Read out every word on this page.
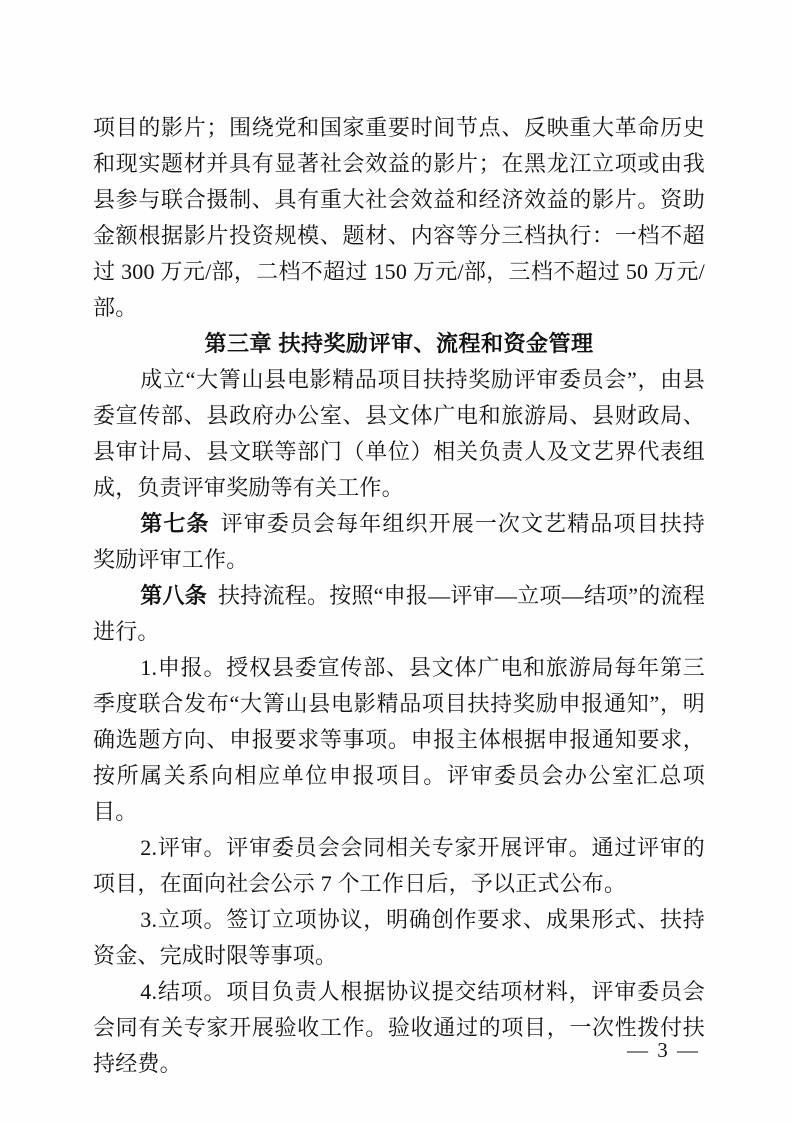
项目的影片；围绕党和国家重要时间节点、反映重大革命历史和现实题材并具有显著社会效益的影片；在黑龙江立项或由我县参与联合摄制、具有重大社会效益和经济效益的影片。资助金额根据影片投资规模、题材、内容等分三档执行：一档不超过 300 万元/部，二档不超过 150 万元/部，三档不超过 50 万元/部。

第三章 扶持奖励评审、流程和资金管理

成立“大箐山县电影精品项目扶持奖励评审委员会”，由县委宣传部、县政府办公室、县文体广电和旅游局、县财政局、县审计局、县文联等部门（单位）相关负责人及文艺界代表组成，负责评审奖励等有关工作。

第七条 评审委员会每年组织开展一次文艺精品项目扶持奖励评审工作。

第八条 扶持流程。按照“申报—评审—立项—结项”的流程进行。

1.申报。授权县委宣传部、县文体广电和旅游局每年第三季度联合发布“大箐山县电影精品项目扶持奖励申报通知”，明确选题方向、申报要求等事项。申报主体根据申报通知要求，按所属关系向相应单位申报项目。评审委员会办公室汇总项目。

2.评审。评审委员会会同相关专家开展评审。通过评审的项目，在面向社会公示 7 个工作日后，予以正式公布。

3.立项。签订立项协议，明确创作要求、成果形式、扶持资金、完成时限等事项。

4.结项。项目负责人根据协议提交结项材料，评审委员会会同有关专家开展验收工作。验收通过的项目，一次性拨付扶持经费。

— 3 —
